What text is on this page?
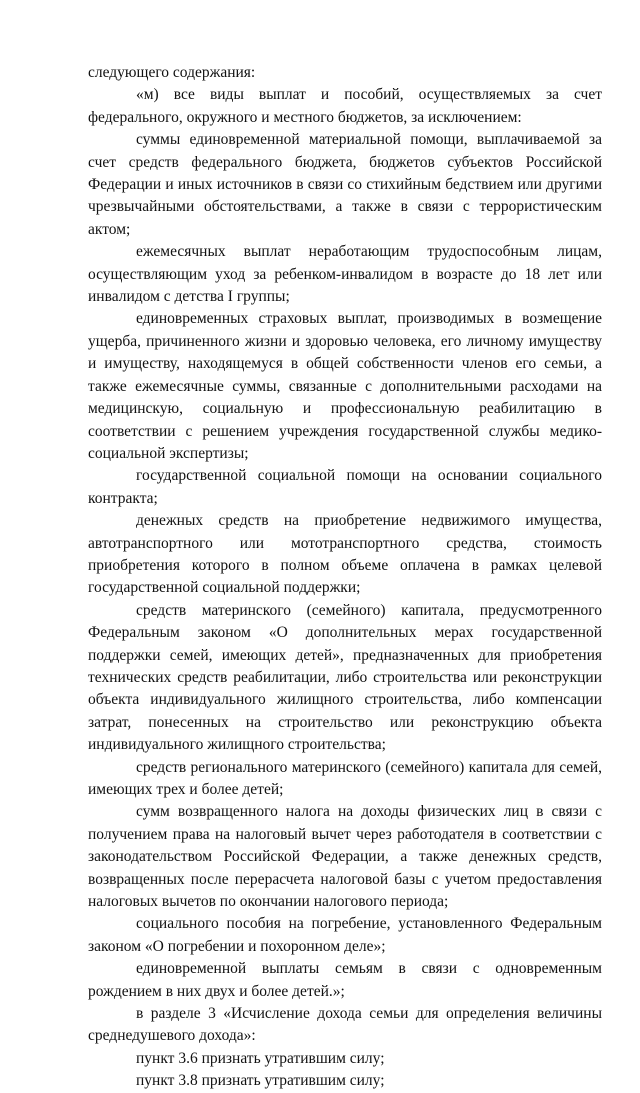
следующего содержания:

«м) все виды выплат и пособий, осуществляемых за счет федерального, окружного и местного бюджетов, за исключением:

суммы единовременной материальной помощи, выплачиваемой за счет средств федерального бюджета, бюджетов субъектов Российской Федерации и иных источников в связи со стихийным бедствием или другими чрезвычайными обстоятельствами, а также в связи с террористическим актом;

ежемесячных выплат неработающим трудоспособным лицам, осуществляющим уход за ребенком-инвалидом в возрасте до 18 лет или инвалидом с детства I группы;

единовременных страховых выплат, производимых в возмещение ущерба, причиненного жизни и здоровью человека, его личному имуществу и имуществу, находящемуся в общей собственности членов его семьи, а также ежемесячные суммы, связанные с дополнительными расходами на медицинскую, социальную и профессиональную реабилитацию в соответствии с решением учреждения государственной службы медико-социальной экспертизы;

государственной социальной помощи на основании социального контракта;

денежных средств на приобретение недвижимого имущества, автотранспортного или мототранспортного средства, стоимость приобретения которого в полном объеме оплачена в рамках целевой государственной социальной поддержки;

средств материнского (семейного) капитала, предусмотренного Федеральным законом «О дополнительных мерах государственной поддержки семей, имеющих детей», предназначенных для приобретения технических средств реабилитации, либо строительства или реконструкции объекта индивидуального жилищного строительства, либо компенсации затрат, понесенных на строительство или реконструкцию объекта индивидуального жилищного строительства;

средств регионального материнского (семейного) капитала для семей, имеющих трех и более детей;

сумм возвращенного налога на доходы физических лиц в связи с получением права на налоговый вычет через работодателя в соответствии с законодательством Российской Федерации, а также денежных средств, возвращенных после перерасчета налоговой базы с учетом предоставления налоговых вычетов по окончании налогового периода;

социального пособия на погребение, установленного Федеральным законом «О погребении и похоронном деле»;

единовременной выплаты семьям в связи с одновременным рождением в них двух и более детей.»;

в разделе 3 «Исчисление дохода семьи для определения величины среднедушевого дохода»:

пункт 3.6 признать утратившим силу;

пункт 3.8 признать утратившим силу;
